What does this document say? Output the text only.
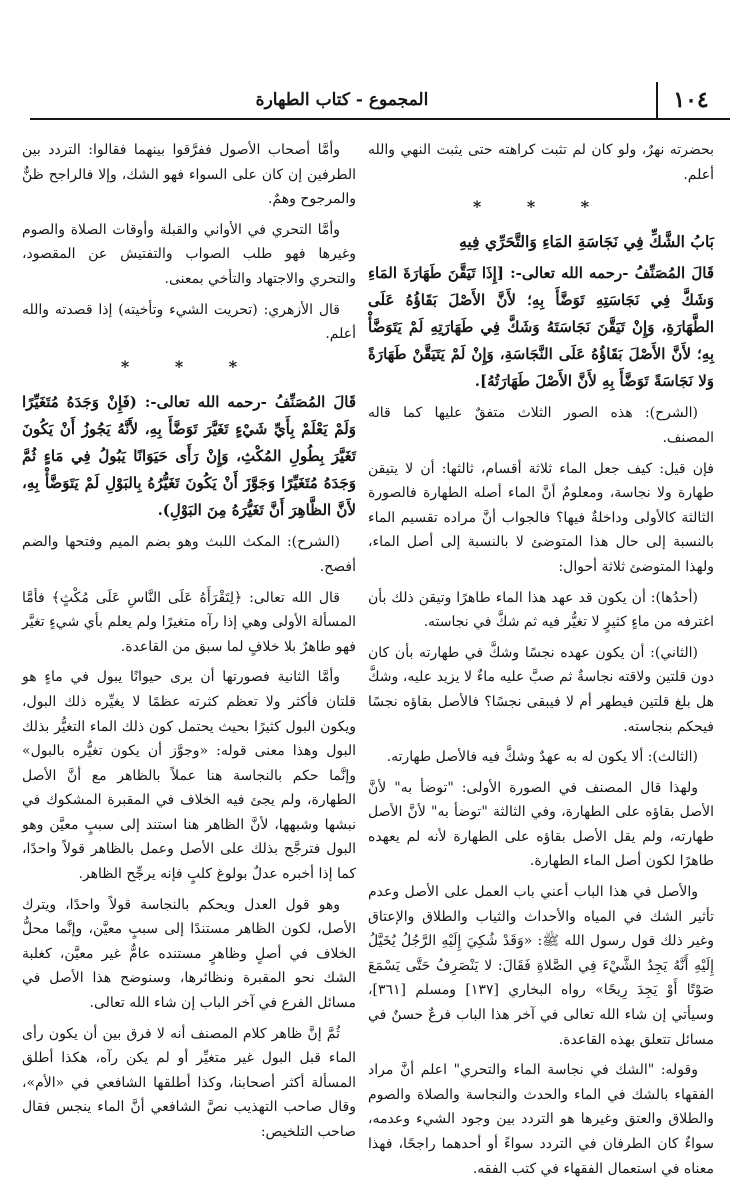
١٠٤
المجموع - كتاب الطهارة

بحضرته نهرٌ، ولو كان لم تثبت كراهته حتى يثبت النهي والله أعلم.

* * *

بَابُ الشَّكِّ فِي نَجَاسَةِ المَاءِ وَالتَّحَرِّي فِيهِ

قَالَ المُصَنِّفُ -رحمه الله تعالى-: [إِذَا تَيَقَّنَ طَهَارَةَ المَاءِ وَشَكَّ فِي نَجَاسَتِهِ تَوَضَّأَ بِهِ؛ لأَنَّ الأَصْلَ بَقَاؤُهُ عَلَى الطَّهَارَةِ، وَإِنْ تَيَقَّنَ نَجَاسَتَهُ وَشَكَّ فِي طَهَارَتِهِ لَمْ يَتَوَضَّأْ بِهِ؛ لأَنَّ الأَصْلَ بَقَاؤُهُ عَلَى النَّجَاسَةِ، وَإِنْ لَمْ يَتَيَقَّنْ طَهَارَةً وَلا نَجَاسَةً تَوَضَّأَ بِهِ لأَنَّ الأَصْلَ طَهَارَتُهُ].

(الشرح): هذه الصور الثلاث متفقٌ عليها كما قاله المصنف.

فإن قيل: كيف جعل الماء ثلاثة أقسام، ثالثها: أن لا يتيقن طهارة ولا نجاسة، ومعلومٌ أنَّ الماء أصله الطهارة فالصورة الثالثة كالأولى وداخلةٌ فيها؟ فالجواب أنَّ مراده تقسيم الماء بالنسبة إلى حال هذا المتوضئ لا بالنسبة إلى أصل الماء، ولهذا المتوضئ ثلاثة أحوال:

(أحدُها): أن يكون قد عهد هذا الماء طاهرًا وتيقن ذلك بأن اغترفه من ماءٍ كثيرٍ لا تغيُّر فيه ثم شكَّ في نجاسته.

(الثاني): أن يكون عهده نجسًا وشكَّ في طهارته بأن كان دون قلتين ولاقته نجاسةٌ ثم صبَّ عليه ماءٌ لا يزيد عليه، وشكَّ هل بلغ قلتين فيطهر أم لا فيبقى نجسًا؟ فالأصل بقاؤه نجسًا فيحكم بنجاسته.

(الثالث): ألا يكون له به عهدٌ وشكَّ فيه فالأصل طهارته.

ولهذا قال المصنف في الصورة الأولى: "توضأ به" لأنَّ الأصل بقاؤه على الطهارة، وفي الثالثة "توضأ به" لأنَّ الأصل طهارته، ولم يقل الأصل بقاؤه على الطهارة لأنه لم يعهده طاهرًا لكون أصل الماء الطهارة.

والأصل في هذا الباب أعني باب العمل على الأصل وعدم تأثير الشك في المياه والأحداث والثياب والطلاق والإعتاق وغير ذلك قول رسول الله ﷺ: «وَقَدْ شُكِيَ إِلَيْهِ الرَّجُلُ يُخَيَّلُ إِلَيْهِ أَنَّهُ يَجِدُ الشَّيْءَ فِي الصَّلاةِ فَقَالَ: لا يَنْصَرِفُ حَتَّى يَسْمَعَ صَوْتًا أَوْ يَجِدَ رِيحًا» رواه البخاري [١٣٧] ومسلم [٣٦١]، وسيأتي إن شاء الله تعالى في آخر هذا الباب فرعٌ حسنٌ في مسائل تتعلق بهذه القاعدة.

وقوله: "الشك في نجاسة الماء والتحري" اعلم أنَّ مراد الفقهاء بالشك في الماء والحدث والنجاسة والصلاة والصوم والطلاق والعتق وغيرها هو التردد بين وجود الشيء وعدمه، سواءٌ كان الطرفان في التردد سواءً أو أحدهما راجحًا، فهذا معناه في استعمال الفقهاء في كتب الفقه.

وأمَّا أصحاب الأصول ففرَّقوا بينهما فقالوا: التردد بين الطرفين إن كان على السواء فهو الشك، وإلا فالراجح ظنٌّ والمرجوح وهمٌ.

وأمَّا التحري في الأواني والقبلة وأوقات الصلاة والصوم وغيرها فهو طلب الصواب والتفتيش عن المقصود، والتحري والاجتهاد والتأخي بمعنى.

قال الأزهري: (تحريت الشيء وتأخيته) إذا قصدته والله أعلم.

* * *

قَالَ المُصَنِّفُ -رحمه الله تعالى-: (فَإِنْ وَجَدَهُ مُتَغَيِّرًا وَلَمْ يَعْلَمْ بِأَيِّ شَيْءٍ تَغَيَّرَ تَوَضَّأَ بِهِ، لأَنَّهُ يَجُوزُ أَنْ يَكُونَ تَغَيَّرَ بِطُولِ المُكْثِ، وَإِنْ رَأَى حَيَوَانًا يَبُولُ فِي مَاءٍ ثُمَّ وَجَدَهُ مُتَغَيِّرًا وَجَوَّزَ أَنْ يَكُونَ تَغَيُّرُهُ بِالبَوْلِ لَمْ يَتَوَضَّأْ بِهِ، لأَنَّ الظَّاهِرَ أَنَّ تَغَيُّرَهُ مِنَ البَوْلِ).

(الشرح): المكث اللبث وهو بضم الميم وفتحها والضم أفصح.

قال الله تعالى: ﴿لِتَقْرَأَهُ عَلَى النَّاسِ عَلَى مُكْثٍ﴾ فأمَّا المسألة الأولى وهي إذا رآه متغيرًا ولم يعلم بأي شيءٍ تغيَّر فهو طاهرٌ بلا خلافٍ لما سبق من القاعدة.

وأمَّا الثانية فصورتها أن يرى حيوانًا يبول في ماءٍ هو قلتان فأكثر ولا تعظم كثرته عظمًا لا يغيِّره ذلك البول، ويكون البول كثيرًا بحيث يحتمل كون ذلك الماء التغيُّر بذلك البول وهذا معنى قوله: «وجوَّز أن يكون تغيُّره بالبول» وإنَّما حكم بالنجاسة هنا عملاً بالظاهر مع أنَّ الأصل الطهارة، ولم يجئ فيه الخلاف في المقبرة المشكوك في نبشها وشبهها، لأنَّ الظاهر هنا استند إلى سببٍ معيَّن وهو البول فترجَّح بذلك على الأصل وعمل بالظاهر قولاً واحدًا، كما إذا أخبره عدلٌ بولوغ كلبٍ فإنه يرجِّح الظاهر.

وهو قول العدل ويحكم بالنجاسة قولاً واحدًا، ويترك الأصل، لكون الظاهر مستندًا إلى سببٍ معيَّن، وإنَّما محلُّ الخلاف في أصلٍ وظاهرٍ مستنده عامٌّ غير معيَّن، كغلبة الشك نحو المقبرة ونظائرها، وسنوضح هذا الأصل في مسائل الفرع في آخر الباب إن شاء الله تعالى.

ثُمَّ إنَّ ظاهر كلام المصنف أنه لا فرق بين أن يكون رأى الماء قبل البول غير متغيِّر أو لم يكن رآه، هكذا أطلق المسألة أكثر أصحابنا، وكذا أطلقها الشافعي في «الأم»، وقال صاحب التهذيب نصَّ الشافعي أنَّ الماء ينجس فقال صاحب التلخيص:
